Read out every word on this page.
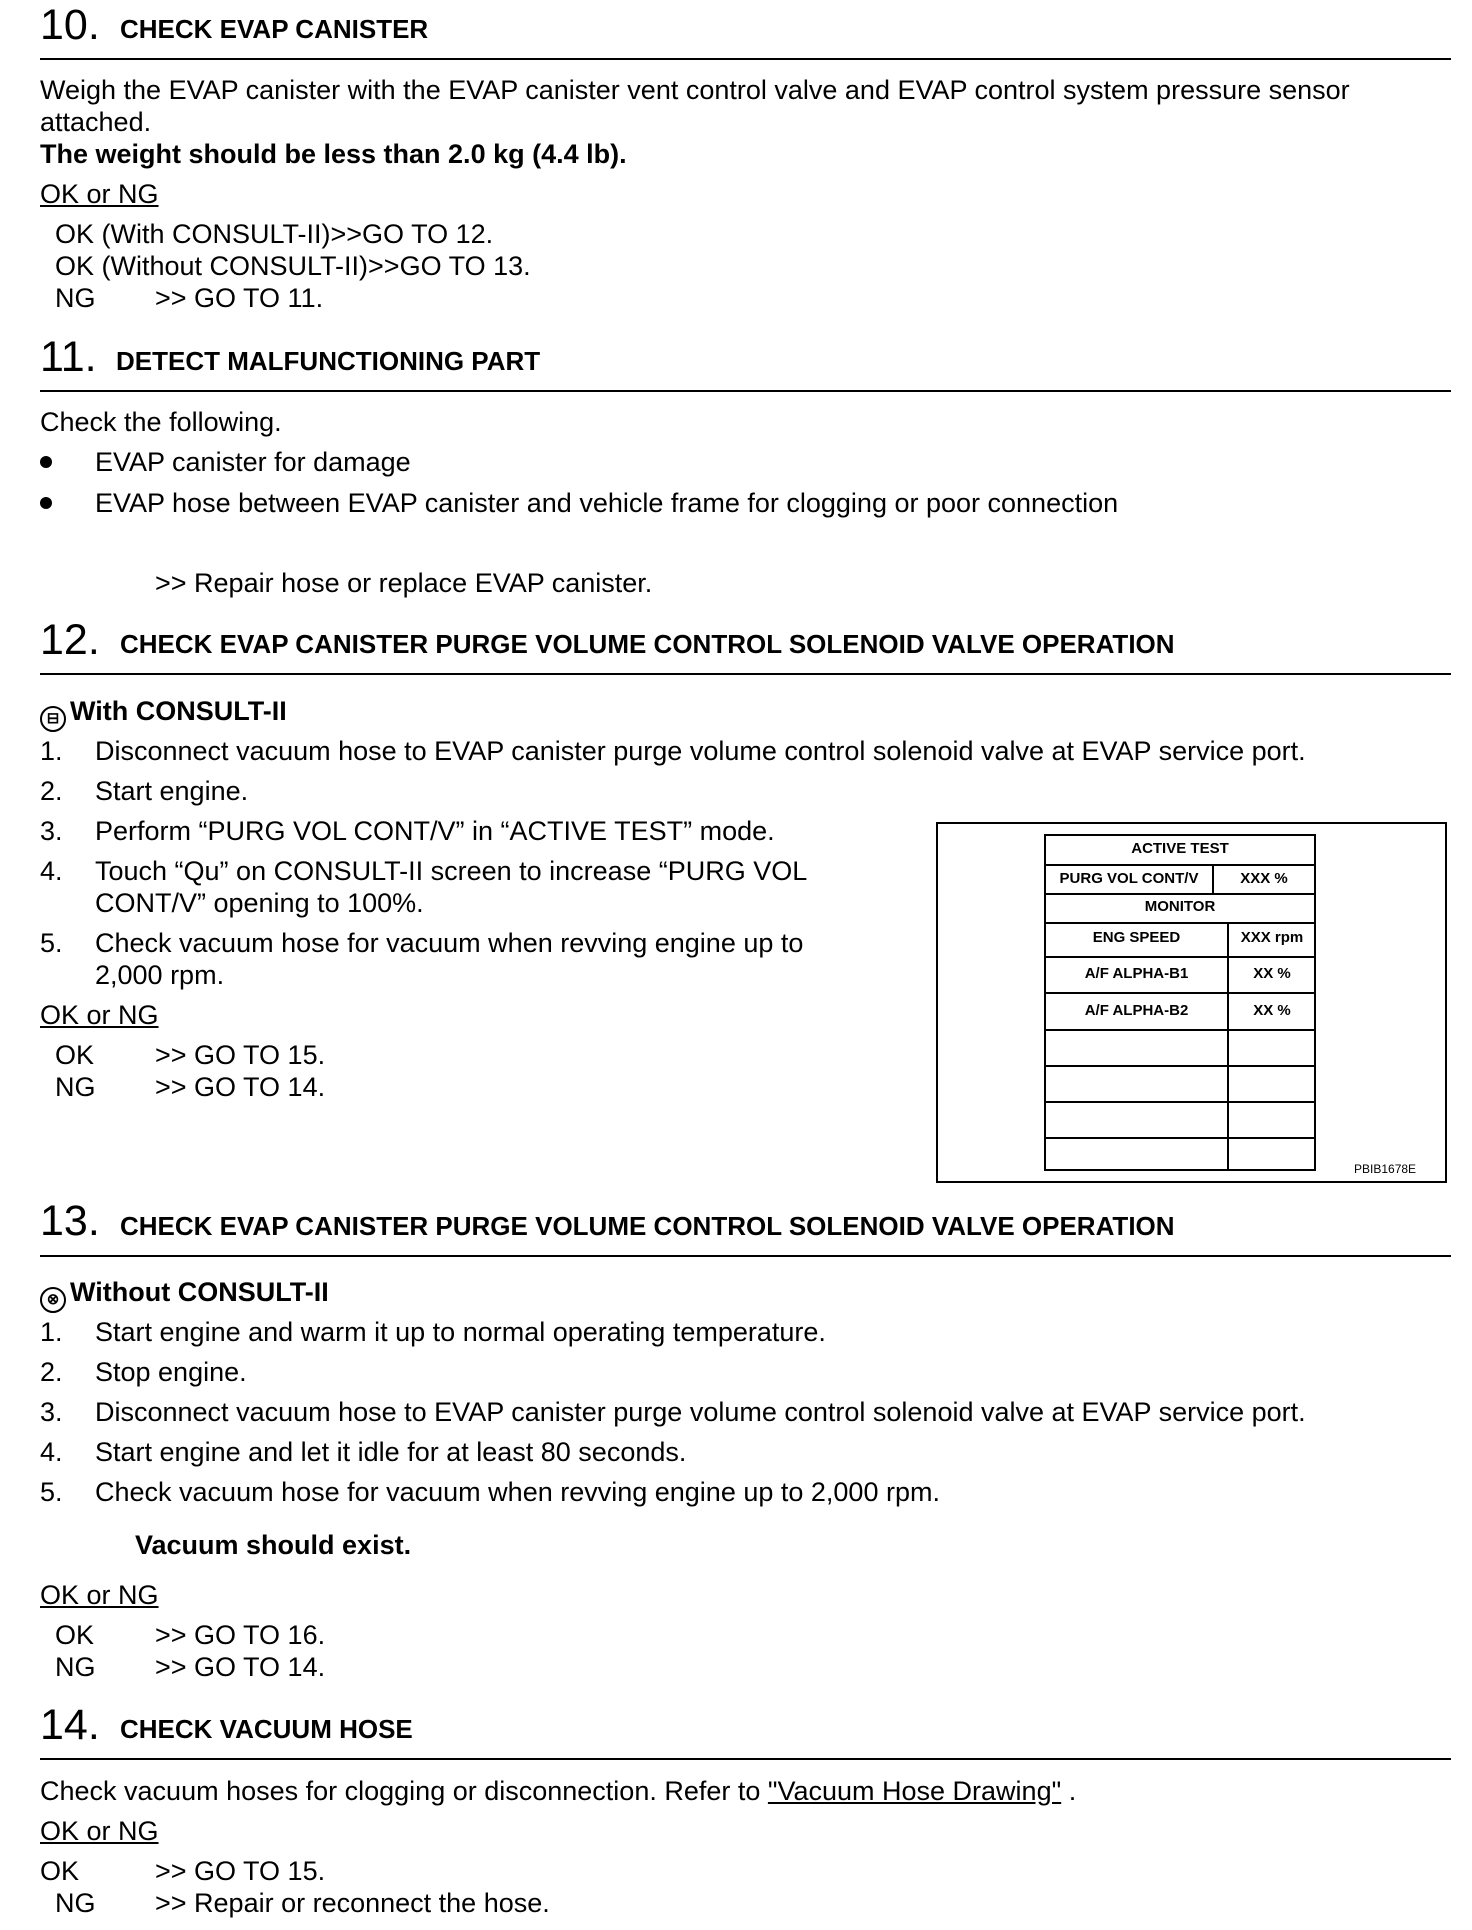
10. CHECK EVAP CANISTER
Weigh the EVAP canister with the EVAP canister vent control valve and EVAP control system pressure sensor
attached.
The weight should be less than 2.0 kg (4.4 lb).
OK or NG
OK (With CONSULT-II)>>GO TO 12.
OK (Without CONSULT-II)>>GO TO 13.
NG >> GO TO 11.
11. DETECT MALFUNCTIONING PART
Check the following.
EVAP canister for damage
EVAP hose between EVAP canister and vehicle frame for clogging or poor connection
>> Repair hose or replace EVAP canister.
12. CHECK EVAP CANISTER PURGE VOLUME CONTROL SOLENOID VALVE OPERATION
⊟ With CONSULT-II
1. Disconnect vacuum hose to EVAP canister purge volume control solenoid valve at EVAP service port.
2. Start engine.
3. Perform “PURG VOL CONT/V” in “ACTIVE TEST” mode.
4. Touch “Qu” on CONSULT-II screen to increase “PURG VOL
CONT/V” opening to 100%.
5. Check vacuum hose for vacuum when revving engine up to
2,000 rpm.
OK or NG
OK >> GO TO 15.
NG >> GO TO 14.
ACTIVE TEST
PURG VOL CONT/V	XXX %
MONITOR
ENG SPEED	XXX rpm
A/F ALPHA-B1	XX %
A/F ALPHA-B2	XX %
PBIB1678E
13. CHECK EVAP CANISTER PURGE VOLUME CONTROL SOLENOID VALVE OPERATION
⊗ Without CONSULT-II
1. Start engine and warm it up to normal operating temperature.
2. Stop engine.
3. Disconnect vacuum hose to EVAP canister purge volume control solenoid valve at EVAP service port.
4. Start engine and let it idle for at least 80 seconds.
5. Check vacuum hose for vacuum when revving engine up to 2,000 rpm.
Vacuum should exist.
OK or NG
OK >> GO TO 16.
NG >> GO TO 14.
14. CHECK VACUUM HOSE
Check vacuum hoses for clogging or disconnection. Refer to "Vacuum Hose Drawing" .
OK or NG
OK	>> GO TO 15.
NG >> Repair or reconnect the hose.
